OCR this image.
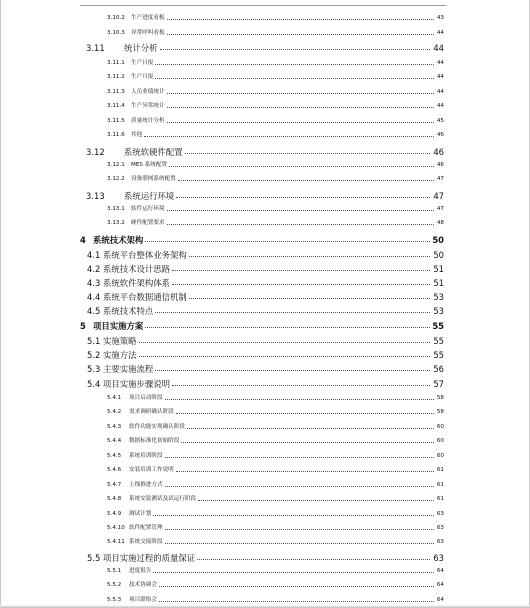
3.10.2	生产进度看板	43
3.10.3	异常呼叫看板	44
3.11	统计分析	44
3.11.1	生产日报	44
3.11.2	生产月报	44
3.11.3	人员业绩统计	44
3.11.4	生产异常统计	44
3.11.5	质量统计分析	45
3.11.6	其他	46
3.12	系统软硬件配置	46
3.12.1	MES 系统配置	46
3.12.2	设备联网系统配置	47
3.13	系统运行环境	47
3.13.1	软件运行环境	47
3.13.2	硬件配置要求	48
4 系统技术架构	50
4.1 系统平台整体业务架构	50
4.2 系统技术设计思路	51
4.3 系统软件架构体系	51
4.4 系统平台数据通信机制	53
4.5 系统技术特点	53
5 项目实施方案	55
5.1 实施策略	55
5.2 实施方法	55
5.3 主要实施流程	56
5.4 项目实施步骤说明	57
5.4.1	项目启动阶段	58
5.4.2	需求调研确认阶段	58
5.4.3	软件功能实现确认阶段	60
5.4.4	数据标准化初始阶段	60
5.4.5	系统培训阶段	60
5.4.6	安装培训工作说明	61
5.4.7	上线推进方式	61
5.4.8	系统安装测试及试运行阶段	61
5.4.9	测试计划	63
5.4.10 软件配置管理	63
5.4.11 系统交接阶段	63
5.5 项目实施过程的质量保证	63
5.5.1	进度报告	64
5.5.2	技术协调会	64
5.5.3	项目联络会	64
